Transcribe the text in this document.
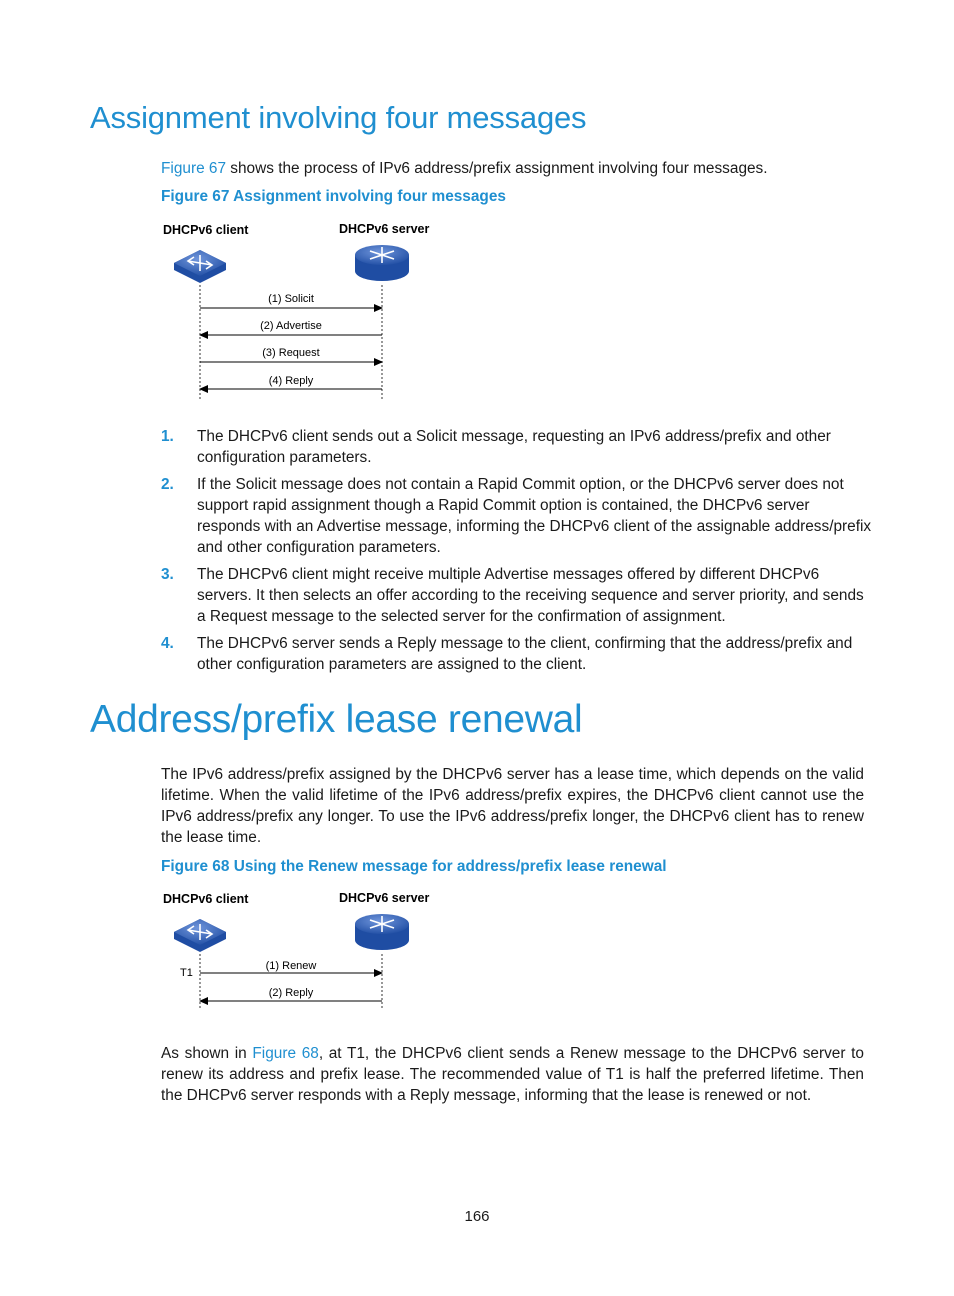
Assignment involving four messages

Figure 67 shows the process of IPv6 address/prefix assignment involving four messages.

Figure 67 Assignment involving four messages

DHCPv6 client	DHCPv6 server
(1) Solicit
(2) Advertise
(3) Request
(4) Reply
1. The DHCPv6 client sends out a Solicit message, requesting an IPv6 address/prefix and other configuration parameters.
2. If the Solicit message does not contain a Rapid Commit option, or the DHCPv6 server does not support rapid assignment though a Rapid Commit option is contained, the DHCPv6 server responds with an Advertise message, informing the DHCPv6 client of the assignable address/prefix and other configuration parameters.
3. The DHCPv6 client might receive multiple Advertise messages offered by different DHCPv6 servers. It then selects an offer according to the receiving sequence and server priority, and sends a Request message to the selected server for the confirmation of assignment.
4. The DHCPv6 server sends a Reply message to the client, confirming that the address/prefix and other configuration parameters are assigned to the client.
Address/prefix lease renewal

The IPv6 address/prefix assigned by the DHCPv6 server has a lease time, which depends on the valid lifetime. When the valid lifetime of the IPv6 address/prefix expires, the DHCPv6 client cannot use the IPv6 address/prefix any longer. To use the IPv6 address/prefix longer, the DHCPv6 client has to renew the lease time.

Figure 68 Using the Renew message for address/prefix lease renewal

DHCPv6 client	DHCPv6 server
T1
(1) Renew
(2) Reply

As shown in Figure 68, at T1, the DHCPv6 client sends a Renew message to the DHCPv6 server to renew its address and prefix lease. The recommended value of T1 is half the preferred lifetime. Then the DHCPv6 server responds with a Reply message, informing that the lease is renewed or not.

166
